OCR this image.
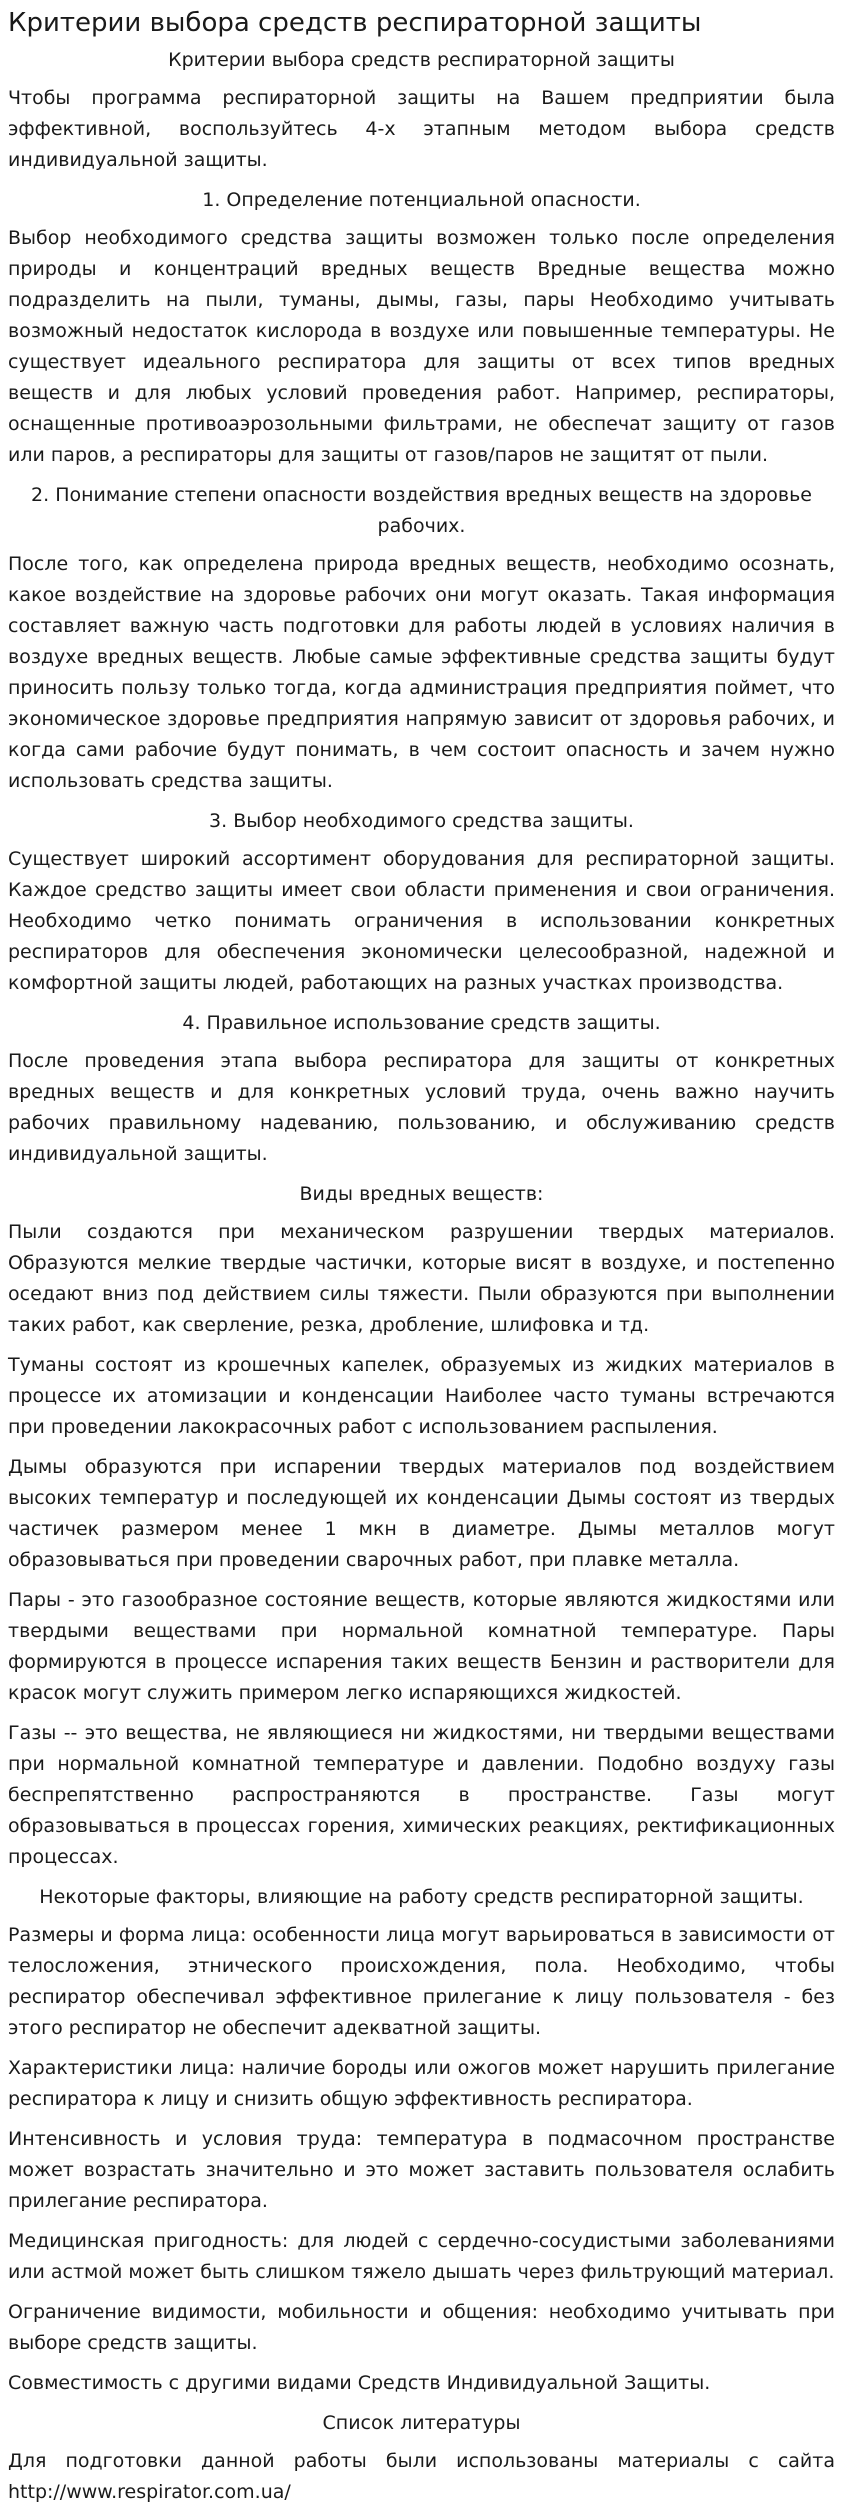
Критерии выбора средств респираторной защиты
Критерии выбора средств респираторной защиты

Чтобы программа респираторной защиты на Вашем предприятии была эффективной, воспользуйтесь 4-х этапным методом выбора средств индивидуальной защиты.

1. Определение потенциальной опасности.

Выбор необходимого средства защиты возможен только после определения природы и концентраций вредных веществ Вредные вещества можно подразделить на пыли, туманы, дымы, газы, пары Необходимо учитывать возможный недостаток кислорода в воздухе или повышенные температуры. Не существует идеального респиратора для защиты от всех типов вредных веществ и для любых условий проведения работ. Например, респираторы, оснащенные противоаэрозольными фильтрами, не обеспечат защиту от газов или паров, а респираторы для защиты от газов/паров не защитят от пыли.

2. Понимание степени опасности воздействия вредных веществ на здоровье рабочих.

После того, как определена природа вредных веществ, необходимо осознать, какое воздействие на здоровье рабочих они могут оказать. Такая информация составляет важную часть подготовки для работы людей в условиях наличия в воздухе вредных веществ. Любые самые эффективные средства защиты будут приносить пользу только тогда, когда администрация предприятия поймет, что экономическое здоровье предприятия напрямую зависит от здоровья рабочих, и когда сами рабочие будут понимать, в чем состоит опасность и зачем нужно использовать средства защиты.

3. Выбор необходимого средства защиты.

Существует широкий ассортимент оборудования для респираторной защиты. Каждое средство защиты имеет свои области применения и свои ограничения. Необходимо четко понимать ограничения в использовании конкретных респираторов для обеспечения экономически целесообразной, надежной и комфортной защиты людей, работающих на разных участках производства.

4. Правильное использование средств защиты.

После проведения этапа выбора респиратора для защиты от конкретных вредных веществ и для конкретных условий труда, очень важно научить рабочих правильному надеванию, пользованию, и обслуживанию средств индивидуальной защиты.

Виды вредных веществ:

Пыли создаются при механическом разрушении твердых материалов. Образуются мелкие твердые частички, которые висят в воздухе, и постепенно оседают вниз под действием силы тяжести. Пыли образуются при выполнении таких работ, как сверление, резка, дробление, шлифовка и тд.

Туманы состоят из крошечных капелек, образуемых из жидких материалов в процессе их атомизации и конденсации Наиболее часто туманы встречаются при проведении лакокрасочных работ с использованием распыления.

Дымы образуются при испарении твердых материалов под воздействием высоких температур и последующей их конденсации Дымы состоят из твердых частичек размером менее 1 мкн в диаметре. Дымы металлов могут образовываться при проведении сварочных работ, при плавке металла.

Пары - это газообразное состояние веществ, которые являются жидкостями или твердыми веществами при нормальной комнатной температуре. Пары формируются в процессе испарения таких веществ Бензин и растворители для красок могут служить примером легко испаряющихся жидкостей.

Газы -- это вещества, не являющиеся ни жидкостями, ни твердыми веществами при нормальной комнатной температуре и давлении. Подобно воздуху газы беспрепятственно распространяются в пространстве. Газы могут образовываться в процессах горения, химических реакциях, ректификационных процессах.

Некоторые факторы, влияющие на работу средств респираторной защиты.

Размеры и форма лица: особенности лица могут варьироваться в зависимости от телосложения, этнического происхождения, пола. Необходимо, чтобы респиратор обеспечивал эффективное прилегание к лицу пользователя - без этого респиратор не обеспечит адекватной защиты.

Характеристики лица: наличие бороды или ожогов может нарушить прилегание респиратора к лицу и снизить общую эффективность респиратора.

Интенсивность и условия труда: температура в подмасочном пространстве может возрастать значительно и это может заставить пользователя ослабить прилегание респиратора.

Медицинская пригодность: для людей с сердечно-сосудистыми заболеваниями или астмой может быть слишком тяжело дышать через фильтрующий материал.

Ограничение видимости, мобильности и общения: необходимо учитывать при выборе средств защиты.

Совместимость с другими видами Средств Индивидуальной Защиты.

Список литературы

Для подготовки данной работы были использованы материалы с сайта http://www.respirator.com.ua/
